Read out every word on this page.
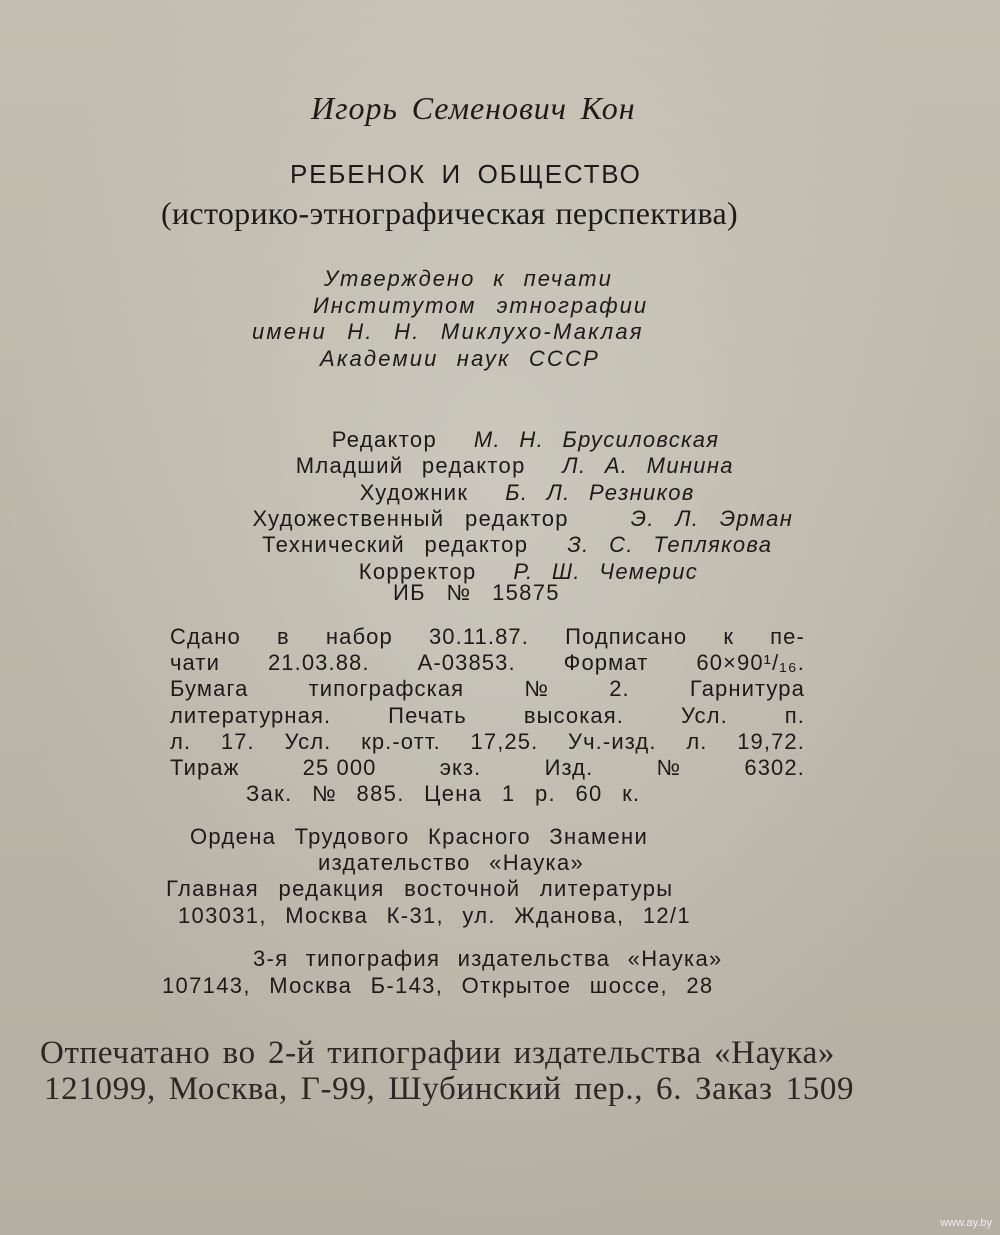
Игорь Семенович Кон
РЕБЕНОК И ОБЩЕСТВО
(историко-этнографическая перспектива)
Утверждено к печати
Институтом этнографии
имени Н. Н. Миклухо-Маклая
Академии наук СССР

Редактор М. Н. Брусиловская

Младший редактор Л. А. Минина

Художник Б. Л. Резников

Художественный редактор	Э. Л. Эрман

Технический редактор З. С. Теплякова

Корректор Р. Ш. Чемерис

ИБ № 15875
Сдано в набор 30.11.87. Подписано к пе-
чати 21.03.88. А-03853. Формат 60×90¹/₁₆.
Бумага	типографская	№	2.	Гарнитура
литературная.	Печать	высокая.	Усл.	п.
л. 17. Усл. кр.-отт. 17,25. Уч.-изд. л. 19,72.
Тираж	25 000	экз.	Изд.	№	6302.
Зак. № 885. Цена 1 р. 60 к.
Ордена Трудового Красного Знамени
издательство «Наука»
Главная редакция восточной литературы
103031, Москва К-31, ул. Жданова, 12/1
3-я типография издательства «Наука»
107143, Москва Б-143, Открытое шоссе, 28
Отпечатано во 2-й типографии издательства «Наука»
121099, Москва, Г-99, Шубинский пер., 6. Заказ 1509
www.ay.by
